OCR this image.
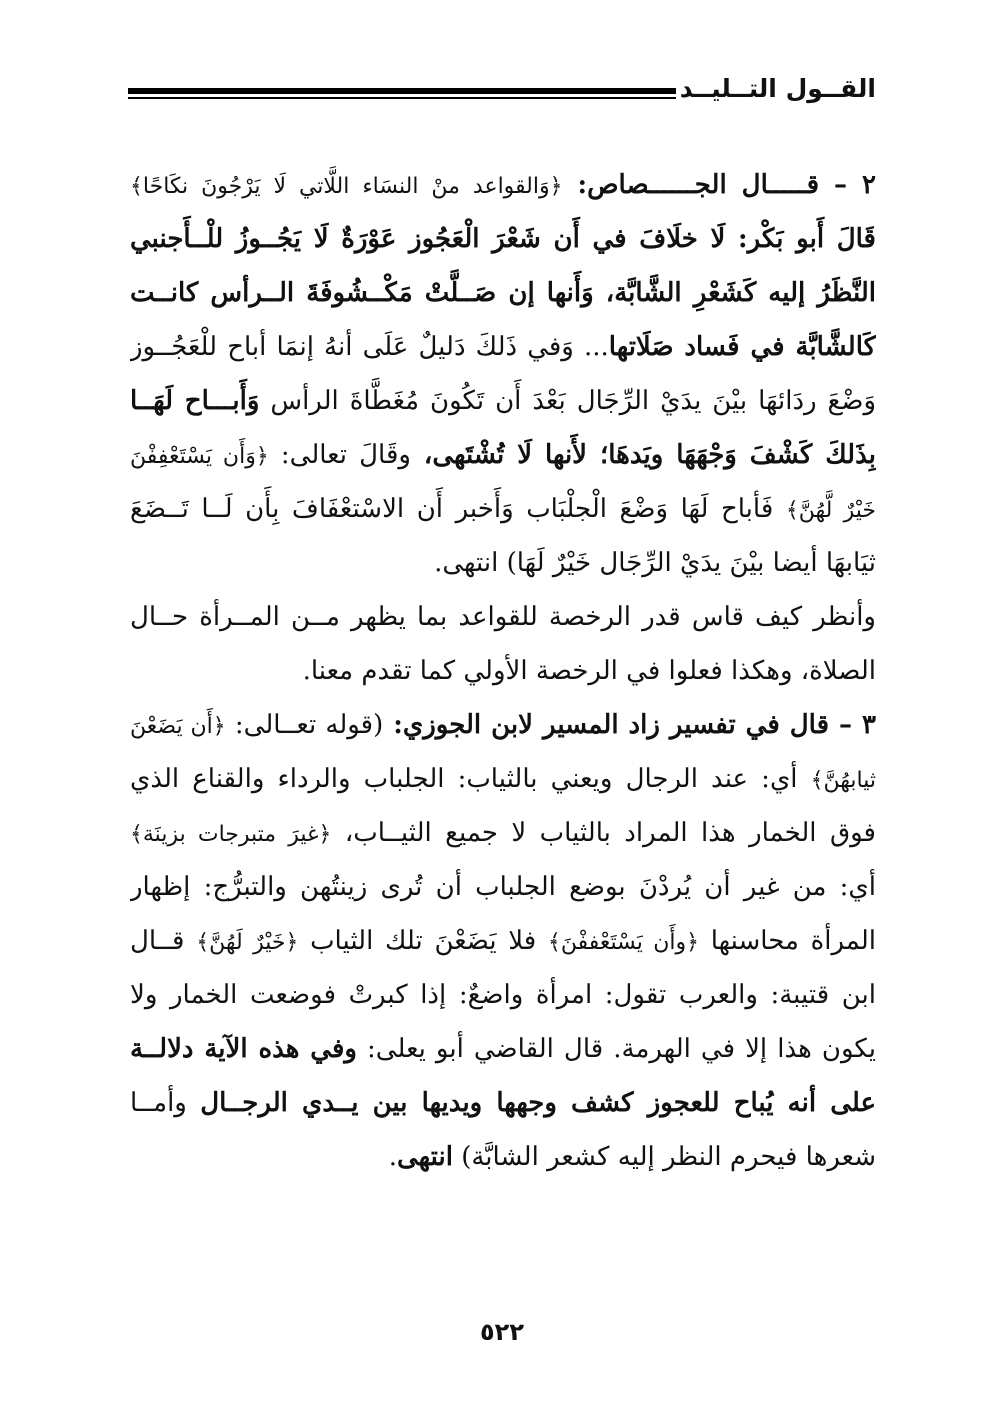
القــول التــليــد
٢ – قـــــال الجــــــصاص: ﴿وَالقواعد منْ النسَاء اللَّاتي لَا يَرْجُونَ نكَاحًا﴾
قَالَ أَبو بَكْر: لَا خلَافَ في أَن شَعْرَ الْعَجُوز عَوْرَةٌ لَا يَجُــوزُ للْــأَجنبي
النَّظَرُ إليه كَشَعْرِ الشَّابَّة، وَأَنها إن صَــلَّتْ مَكْــشُوفَةَ الــرأس كانــت
كَالشَّابَّة في فَساد صَلَاتها... وَفي ذَلكَ دَليلٌ عَلَى أنهُ إنمَا أباح للْعَجُــوز
وَضْعَ ردَائهَا بيْنَ يدَيْ الرِّجَال بَعْدَ أَن تَكُونَ مُغَطَّاةَ الرأس وَأَبـــاح لَهَــا
بِذَلكَ كَشْفَ وَجْهَهَا ويَدهَا؛ لأَنها لَا تُشْتَهى، وقَالَ تعالى: ﴿وَأَن يَسْتَعْفِفْنَ
خَيْرٌ لَّهُنَّ﴾ فَأباح لَهَا وَضْعَ الْجلْبَاب وَأَخبر أَن الاسْتعْفَافَ بِأَن لَــا تَــضَعَ
ثيَابهَا أيضا بيْنَ يدَيْ الرِّجَال خَيْرٌ لَهَا) انتهى.
وأنظر كيف قاس قدر الرخصة للقواعد بما يظهر مــن المــرأة حــال
الصلاة، وهكذا فعلوا في الرخصة الأولي كما تقدم معنا.
٣ – قال في تفسير زاد المسير لابن الجوزي: (قوله تعــالى: ﴿أَن يَضَعْنَ
ثيابهُنَّ﴾ أي: عند الرجال ويعني بالثياب: الجلباب والرداء والقناع الذي
فوق الخمار هذا المراد بالثياب لا جميع الثيــاب، ﴿غيرَ متبرجات بزينَة﴾
أي: من غير أن يُردْنَ بوضع الجلباب أن تُرى زينتُهن والتبرُّج: إظهار
المرأة محاسنها ﴿وأَن يَسْتَعْففْنَ﴾ فلا يَضَعْنَ تلك الثياب ﴿خَيْرٌ لَهُنَّ﴾ قــال
ابن قتيبة: والعرب تقول: امرأة واضعٌ: إذا كبرتْ فوضعت الخمار ولا
يكون هذا إلا في الهرمة. قال القاضي أبو يعلى: وفي هذه الآية دلالــة
على أنه يُباح للعجوز كشف وجهها ويديها بين يــدي الرجــال وأمــا
شعرها فيحرم النظر إليه كشعر الشابَّة) انتهى.
٥٢٢
